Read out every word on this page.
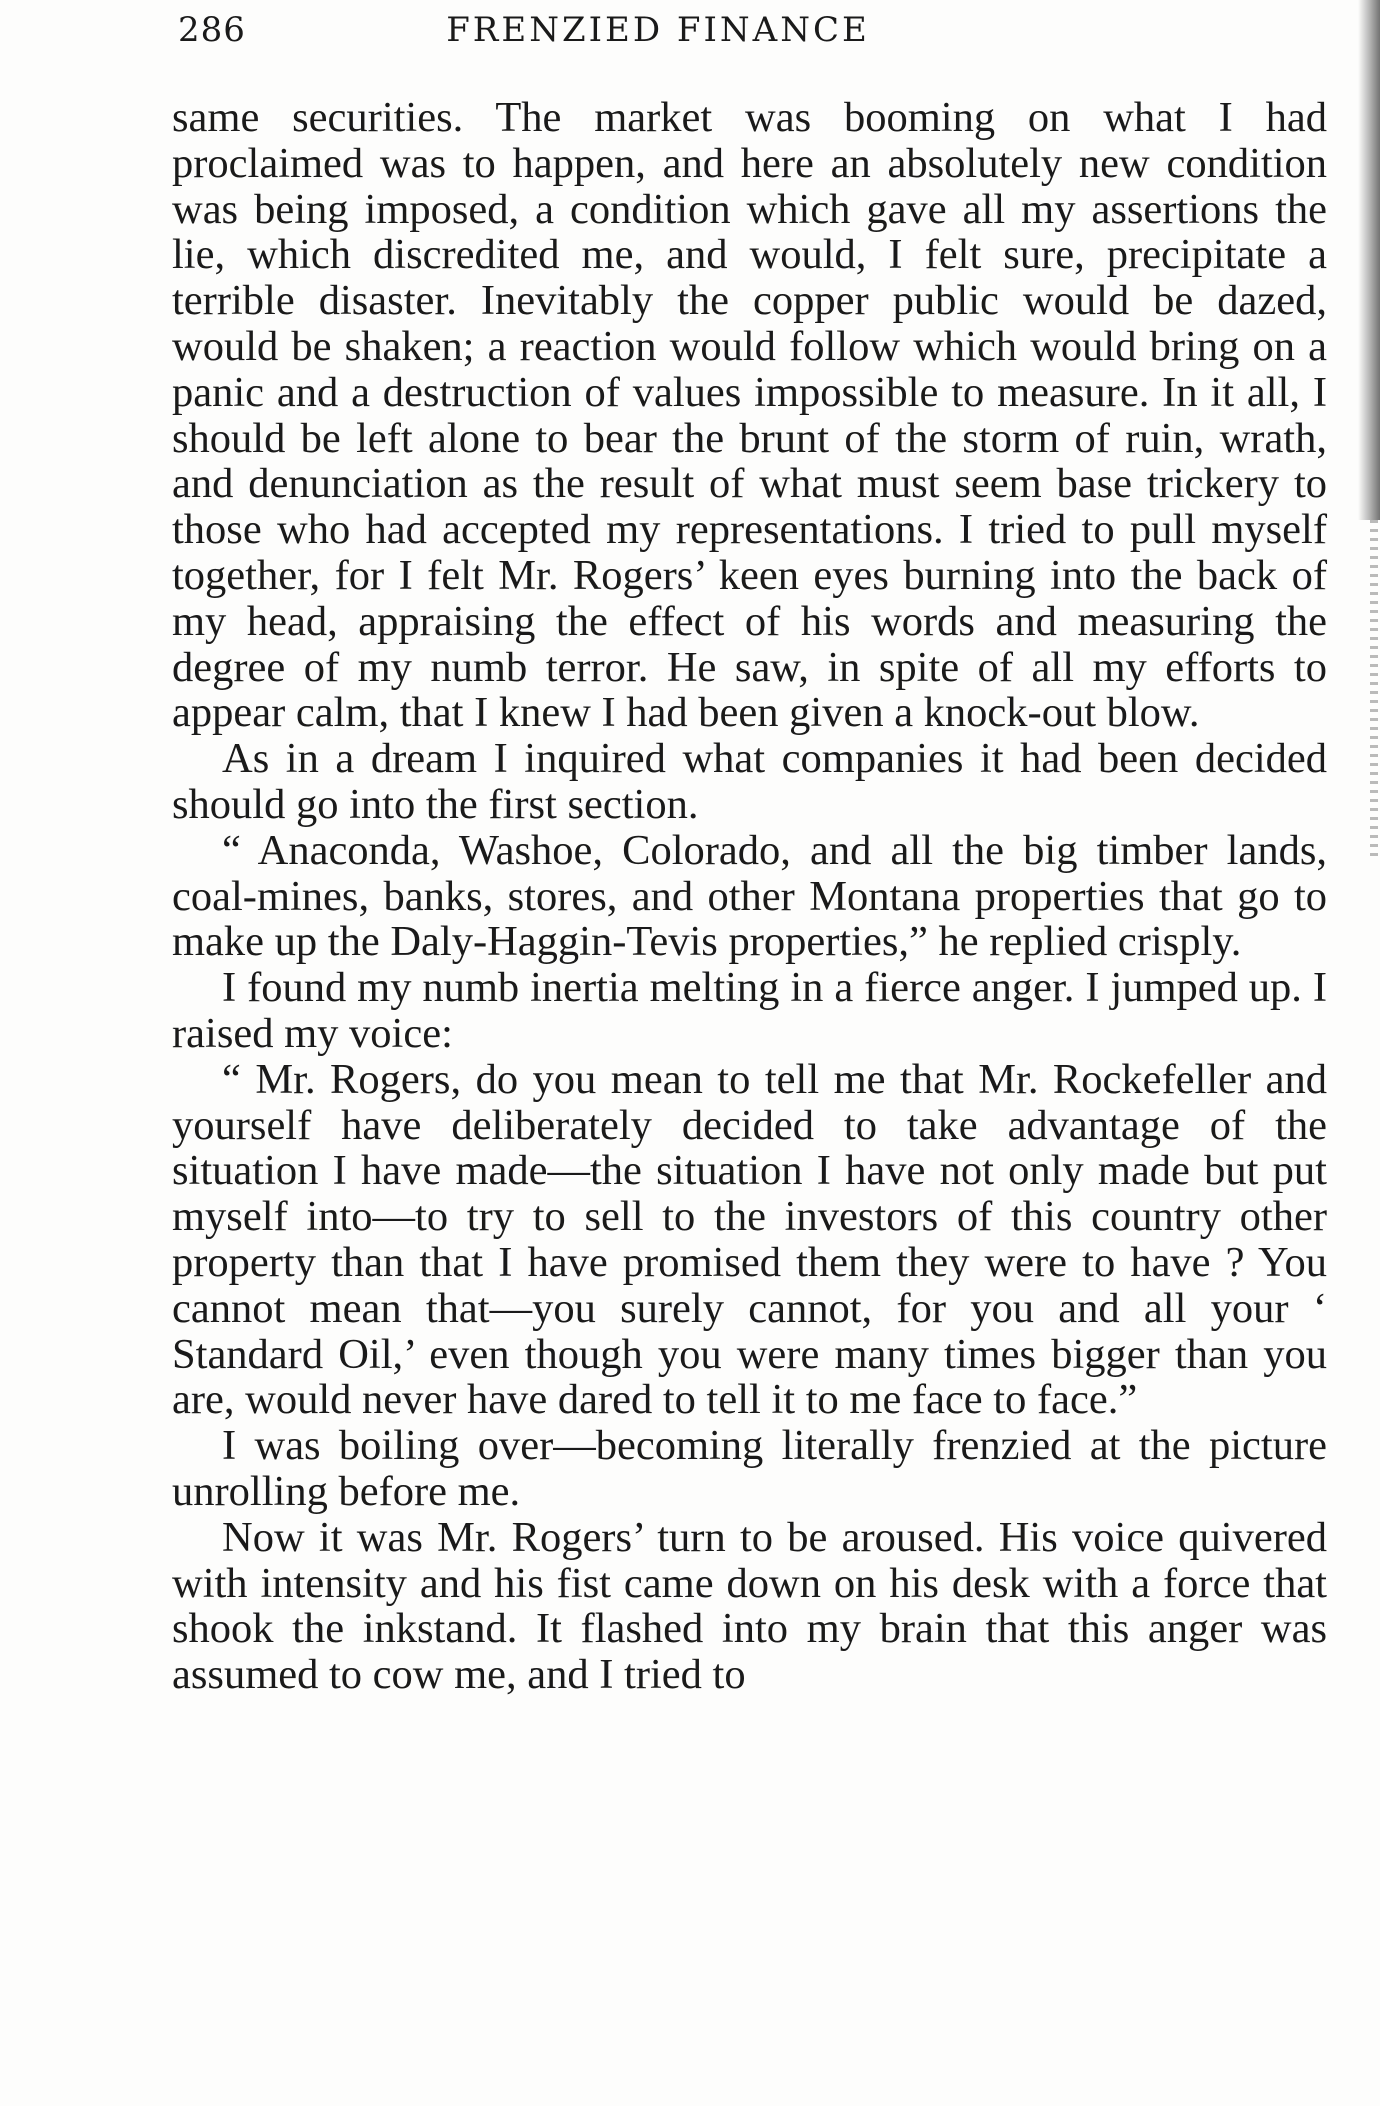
286	FRENZIED FINANCE

same securities. The market was booming on what I had proclaimed was to happen, and here an absolutely new condition was being imposed, a condition which gave all my assertions the lie, which discredited me, and would, I felt sure, precipitate a terrible disaster. Inevitably the copper public would be dazed, would be shaken; a reaction would follow which would bring on a panic and a destruction of values impossible to measure. In it all, I should be left alone to bear the brunt of the storm of ruin, wrath, and denunciation as the result of what must seem base trickery to those who had accepted my representations. I tried to pull myself together, for I felt Mr. Rogers’ keen eyes burning into the back of my head, appraising the effect of his words and measuring the degree of my numb terror. He saw, in spite of all my efforts to appear calm, that I knew I had been given a knock-out blow.

As in a dream I inquired what companies it had been decided should go into the first section.

“ Anaconda, Washoe, Colorado, and all the big timber lands, coal-mines, banks, stores, and other Montana properties that go to make up the Daly-Haggin-Tevis properties,” he replied crisply.

I found my numb inertia melting in a fierce anger. I jumped up. I raised my voice:

“ Mr. Rogers, do you mean to tell me that Mr. Rockefeller and yourself have deliberately decided to take advantage of the situation I have made—the situation I have not only made but put myself into—to try to sell to the investors of this country other property than that I have promised them they were to have ? You cannot mean that—you surely cannot, for you and all your ‘ Standard Oil,’ even though you were many times bigger than you are, would never have dared to tell it to me face to face.”

I was boiling over—becoming literally frenzied at the picture unrolling before me.

Now it was Mr. Rogers’ turn to be aroused. His voice quivered with intensity and his fist came down on his desk with a force that shook the inkstand. It flashed into my brain that this anger was assumed to cow me, and I tried to
